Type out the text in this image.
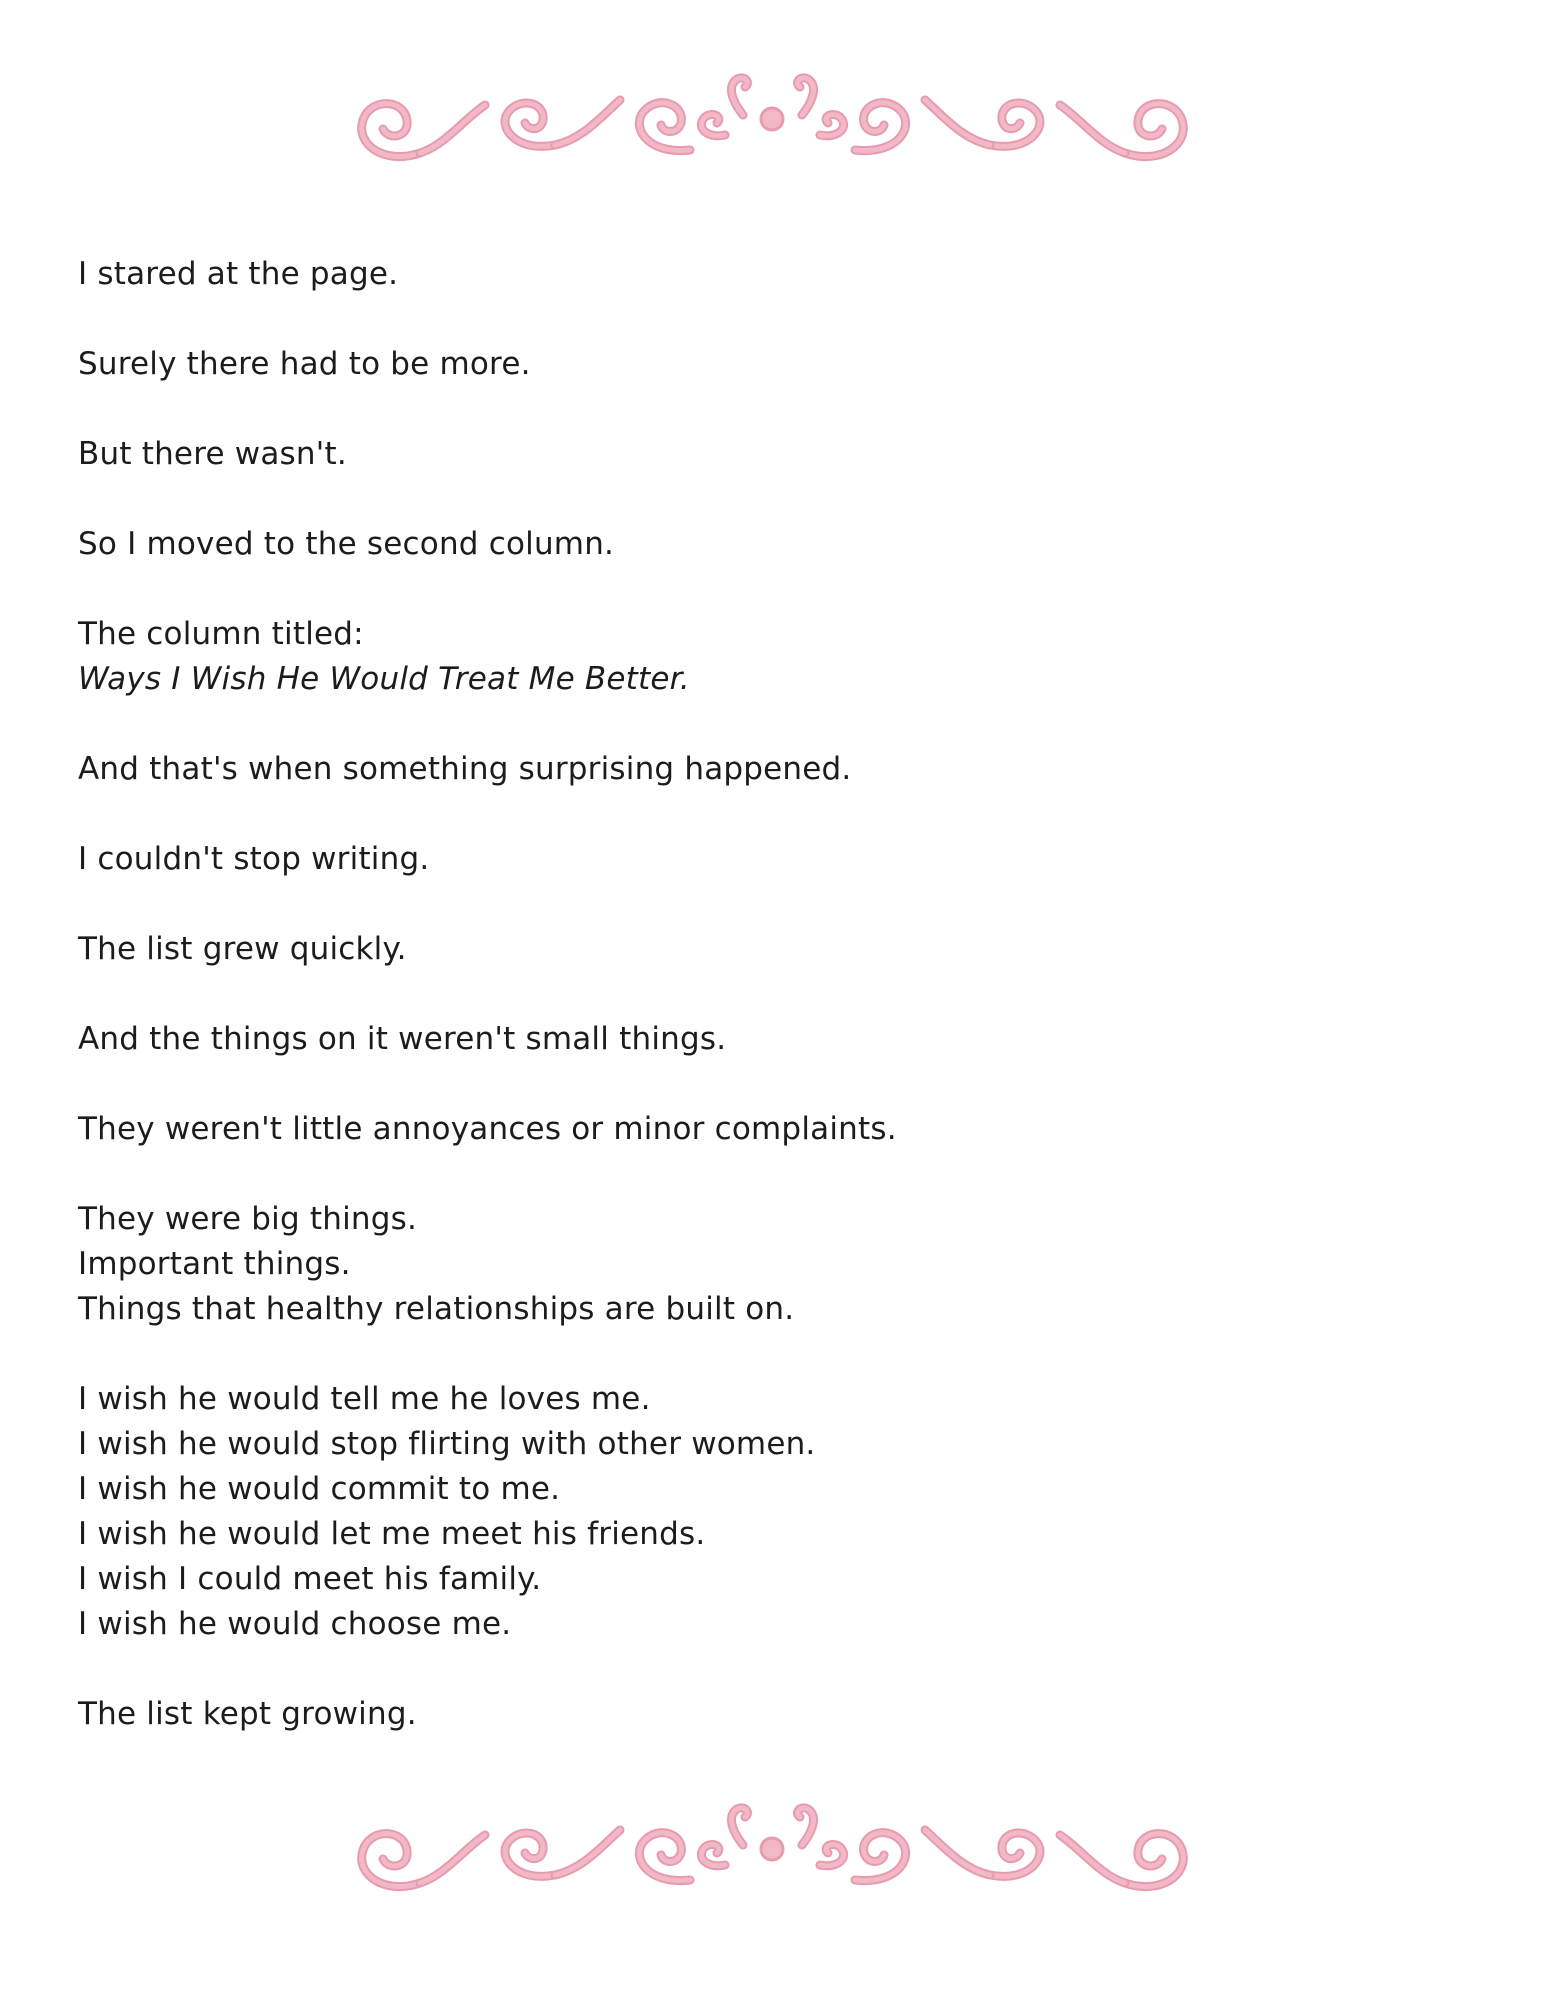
I stared at the page.

Surely there had to be more.

But there wasn't.

So I moved to the second column.

The column titled:
Ways I Wish He Would Treat Me Better.

And that's when something surprising happened.

I couldn't stop writing.

The list grew quickly.

And the things on it weren't small things.

They weren't little annoyances or minor complaints.

They were big things.
Important things.
Things that healthy relationships are built on.

I wish he would tell me he loves me.
I wish he would stop flirting with other women.
I wish he would commit to me.
I wish he would let me meet his friends.
I wish I could meet his family.
I wish he would choose me.

The list kept growing.
